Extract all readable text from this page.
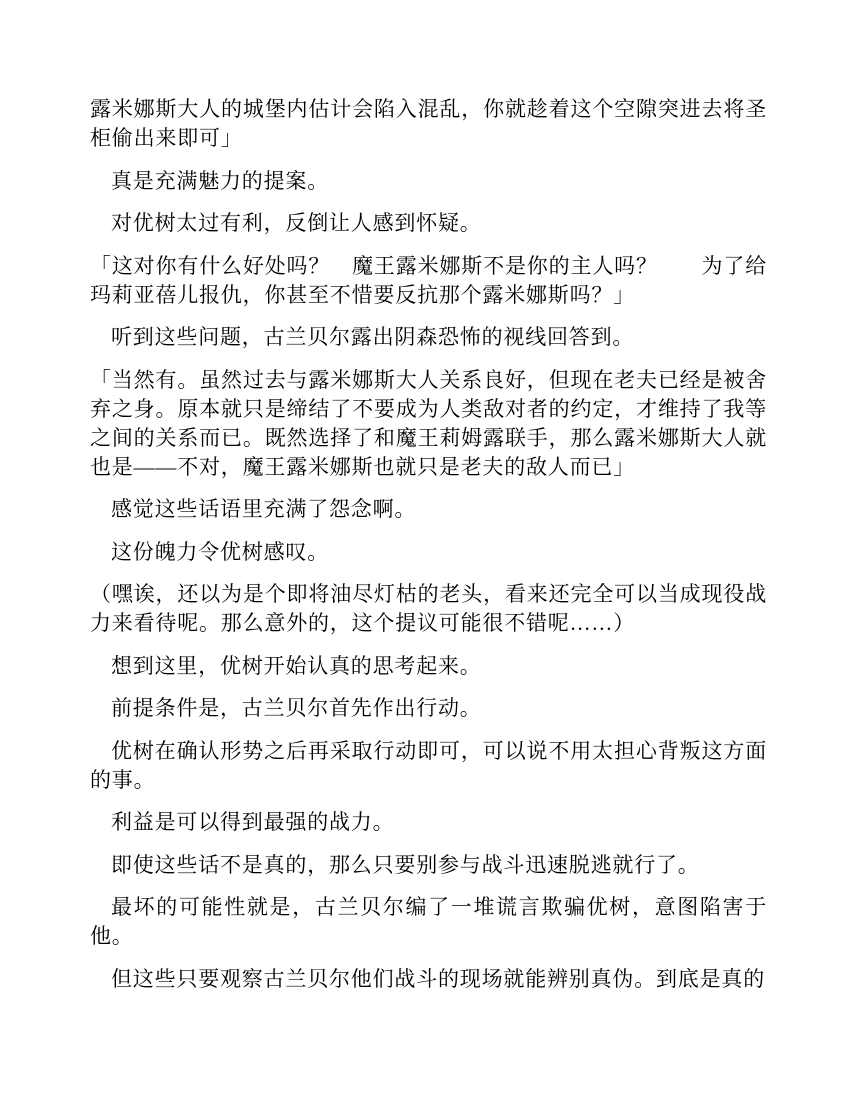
露米娜斯大人的城堡内估计会陷入混乱，你就趁着这个空隙突进去将圣柜偷出来即可」

真是充满魅力的提案。

对优树太过有利，反倒让人感到怀疑。

「这对你有什么好处吗？　魔王露米娜斯不是你的主人吗？　　为了给玛莉亚蓓儿报仇，你甚至不惜要反抗那个露米娜斯吗？」

听到这些问题，古兰贝尔露出阴森恐怖的视线回答到。

「当然有。虽然过去与露米娜斯大人关系良好，但现在老夫已经是被舍弃之身。原本就只是缔结了不要成为人类敌对者的约定，才维持了我等之间的关系而已。既然选择了和魔王莉姆露联手，那么露米娜斯大人就也是——不对，魔王露米娜斯也就只是老夫的敌人而已」

感觉这些话语里充满了怨念啊。

这份魄力令优树感叹。

（嘿诶，还以为是个即将油尽灯枯的老头，看来还完全可以当成现役战力来看待呢。那么意外的，这个提议可能很不错呢……）

想到这里，优树开始认真的思考起来。

前提条件是，古兰贝尔首先作出行动。

优树在确认形势之后再采取行动即可，可以说不用太担心背叛这方面的事。

利益是可以得到最强的战力。

即使这些话不是真的，那么只要别参与战斗迅速脱逃就行了。

最坏的可能性就是，古兰贝尔编了一堆谎言欺骗优树，意图陷害于他。

但这些只要观察古兰贝尔他们战斗的现场就能辨别真伪。到底是真的
